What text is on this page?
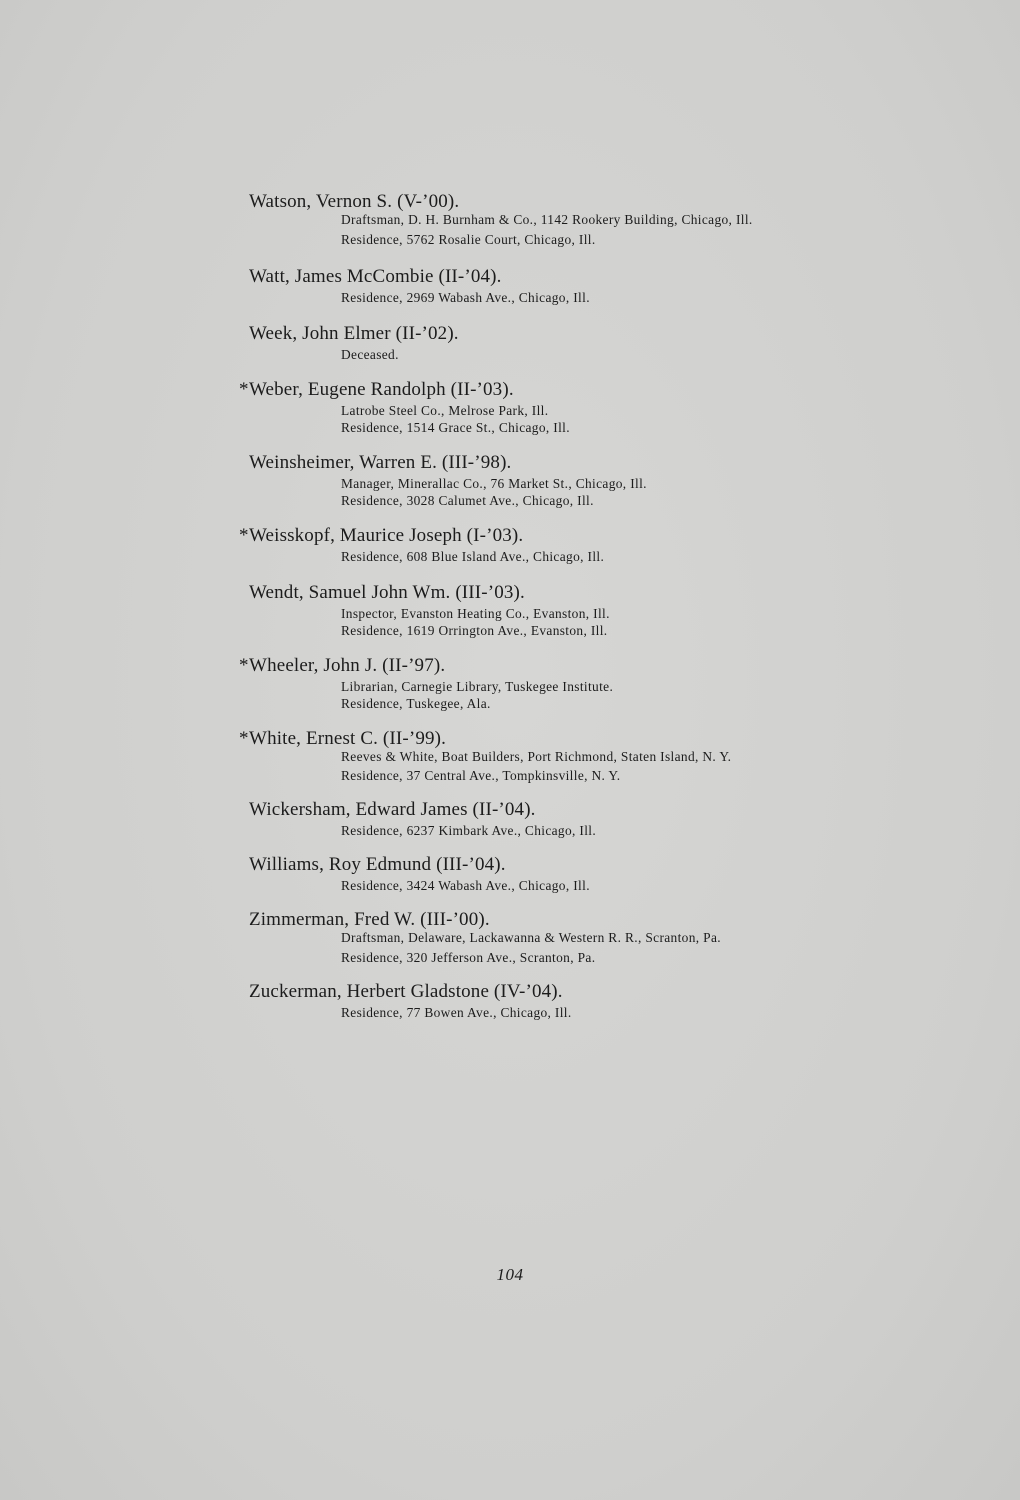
Watson, Vernon S. (V-’00).
Draftsman, D. H. Burnham & Co., 1142 Rookery Building, Chicago, Ill.
Residence, 5762 Rosalie Court, Chicago, Ill.
Watt, James McCombie (II-’04).
Residence, 2969 Wabash Ave., Chicago, Ill.
Week, John Elmer (II-’02).
Deceased.
* Weber, Eugene Randolph (II-’03).
Latrobe Steel Co., Melrose Park, Ill.
Residence, 1514 Grace St., Chicago, Ill.
Weinsheimer, Warren E. (III-’98).
Manager, Minerallac Co., 76 Market St., Chicago, Ill.
Residence, 3028 Calumet Ave., Chicago, Ill.
* Weisskopf, Maurice Joseph (I-’03).
Residence, 608 Blue Island Ave., Chicago, Ill.
Wendt, Samuel John Wm. (III-’03).
Inspector, Evanston Heating Co., Evanston, Ill.
Residence, 1619 Orrington Ave., Evanston, Ill.
* Wheeler, John J. (II-’97).
Librarian, Carnegie Library, Tuskegee Institute.
Residence, Tuskegee, Ala.
* White, Ernest C. (II-’99).
Reeves & White, Boat Builders, Port Richmond, Staten Island, N. Y.
Residence, 37 Central Ave., Tompkinsville, N. Y.
Wickersham, Edward James (II-’04).
Residence, 6237 Kimbark Ave., Chicago, Ill.
Williams, Roy Edmund (III-’04).
Residence, 3424 Wabash Ave., Chicago, Ill.
Zimmerman, Fred W. (III-’00).
Draftsman, Delaware, Lackawanna & Western R. R., Scranton, Pa.
Residence, 320 Jefferson Ave., Scranton, Pa.
Zuckerman, Herbert Gladstone (IV-’04).
Residence, 77 Bowen Ave., Chicago, Ill.
104
